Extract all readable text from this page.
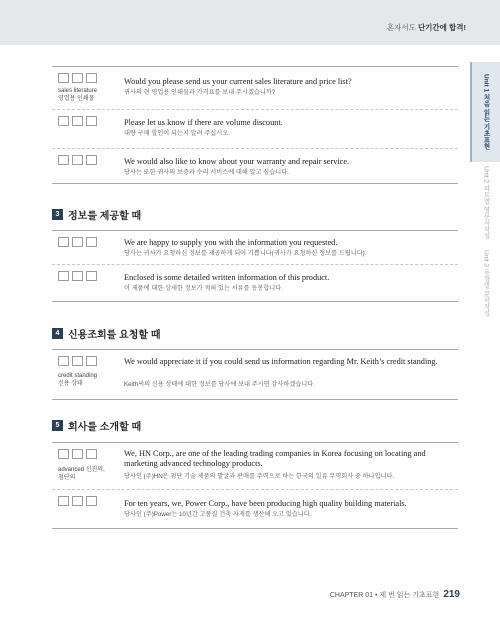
혼자서도 단기간에 합격!
Unit 1 처음 읽는 기초표현
Unit 2 파트별 영문서작성
Unit 3 유형별 문서작성
sales literature
영업용 인쇄물
Would you please send us your current sales literature and price list?
귀사의 현 영업용 인쇄물과 가격표를 보내 주시겠습니까?
Please let us know if there are volume discount.
대량 구매 할인이 되는지 알려 주십시오.
We would also like to know about your warranty and repair service.
당사는 또한 귀사의 보증과 수리 서비스에 대해 알고 싶습니다.
3 정보를 제공할 때
We are happy to supply you with the information you requested.
당사는 귀사가 요청하신 정보를 제공하게 되어 기쁩니다(귀사가 요청하신 정보를 드립니다).
Enclosed is some detailed written information of this product.
이 제품에 대한 상세한 정보가 적혀 있는 서류를 동봉합니다.
4 신용조회를 요청할 때
credit standing
신용 상태
We would appreciate it if you could send us information regarding Mr. Keith’s credit standing.
Keith씨의 신용 상태에 대한 정보를 당사에 보내 주시면 감사하겠습니다.
5 회사를 소개할 때
advanced 선진의,
첨단의
We, HN Corp., are one of the leading trading companies in Korea focusing on locating and marketing advanced technology products.
당사인 (주)HN은 첨단 기술 제품의 발굴과 판매를 주력으로 하는 한국의 일류 무역회사 중 하나입니다.
For ten years, we, Power Corp., have been producing high quality building materials.
당사인 (주)Power는 10년간 고품질 건축 자재를 생산해 오고 있습니다.
CHAPTER 01 • 제 번 읽는 기초표현 219
